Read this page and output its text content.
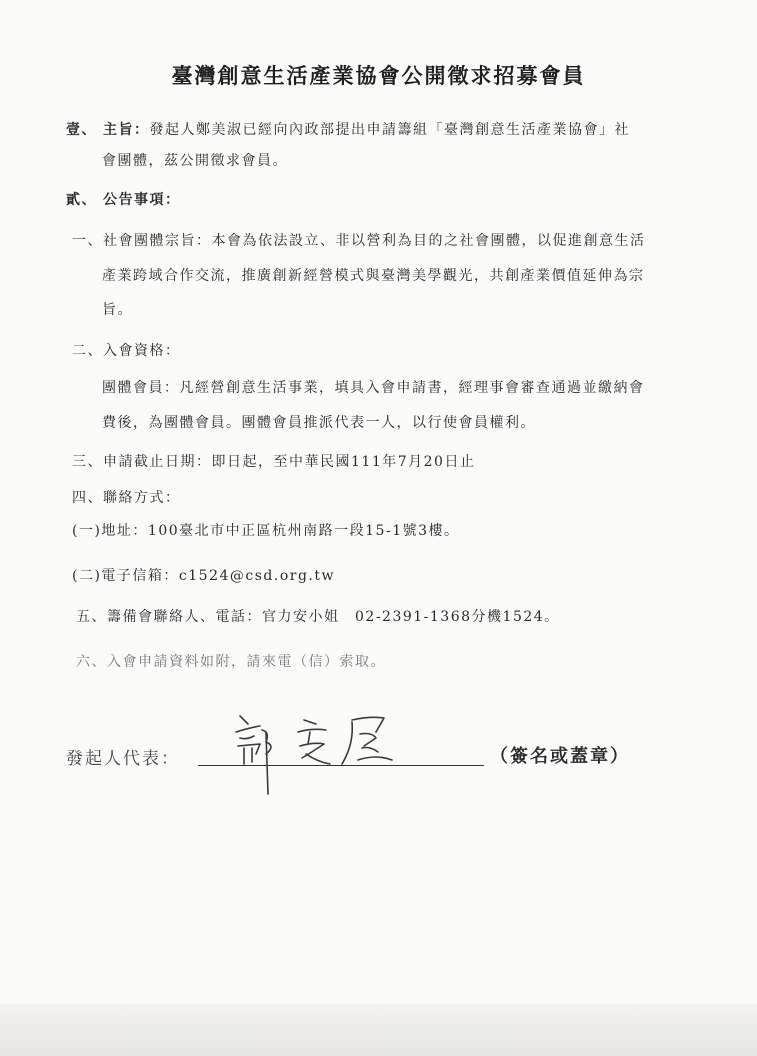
臺灣創意生活產業協會公開徵求招募會員
壹、 主旨：發起人鄭美淑已經向內政部提出申請籌組「臺灣創意生活產業協會」社
會團體，茲公開徵求會員。
貳、 公告事項：
一、社會團體宗旨：本會為依法設立、非以營利為目的之社會團體，以促進創意生活
產業跨域合作交流，推廣創新經營模式與臺灣美學觀光，共創產業價值延伸為宗
旨。
二、入會資格：
團體會員：凡經營創意生活事業，填具入會申請書，經理事會審查通過並繳納會
費後，為團體會員。團體會員推派代表一人，以行使會員權利。
三、申請截止日期：即日起，至中華民國111年7月20日止
四、聯絡方式：
(一)地址：100臺北市中正區杭州南路一段15-1號3樓。
(二)電子信箱：c1524@csd.org.tw
五、籌備會聯絡人、電話：官力安小姐　02-2391-1368分機1524。
六、入會申請資料如附，請來電（信）索取。
發起人代表：	（簽名或蓋章）
